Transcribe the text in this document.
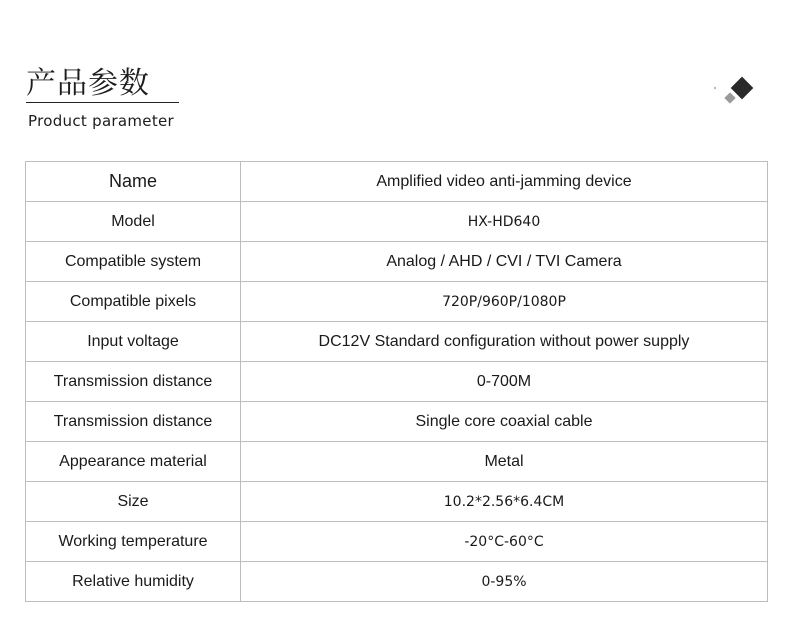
产品参数
Product parameter
Name	Amplified video anti-jamming device
Model	HX-HD640
Compatible system	Analog / AHD / CVI / TVI Camera
Compatible pixels	720P/960P/1080P
Input voltage	DC12V Standard configuration without power supply
Transmission distance	0-700M
Transmission distance	Single core coaxial cable
Appearance material	Metal
Size	10.2*2.56*6.4CM
Working temperature	-20°C-60°C
Relative humidity	0-95%
